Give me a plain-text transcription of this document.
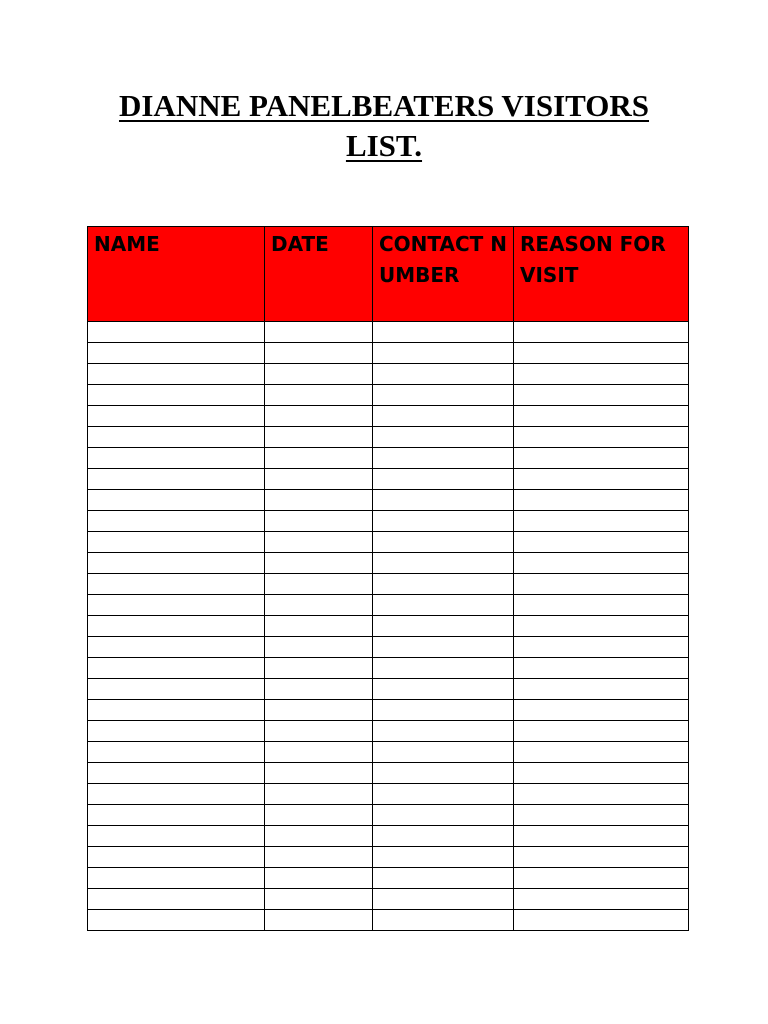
DIANNE PANELBEATERS VISITORS
LIST.
NAME	DATE	CONTACT NUMBER	REASON FOR VISIT
